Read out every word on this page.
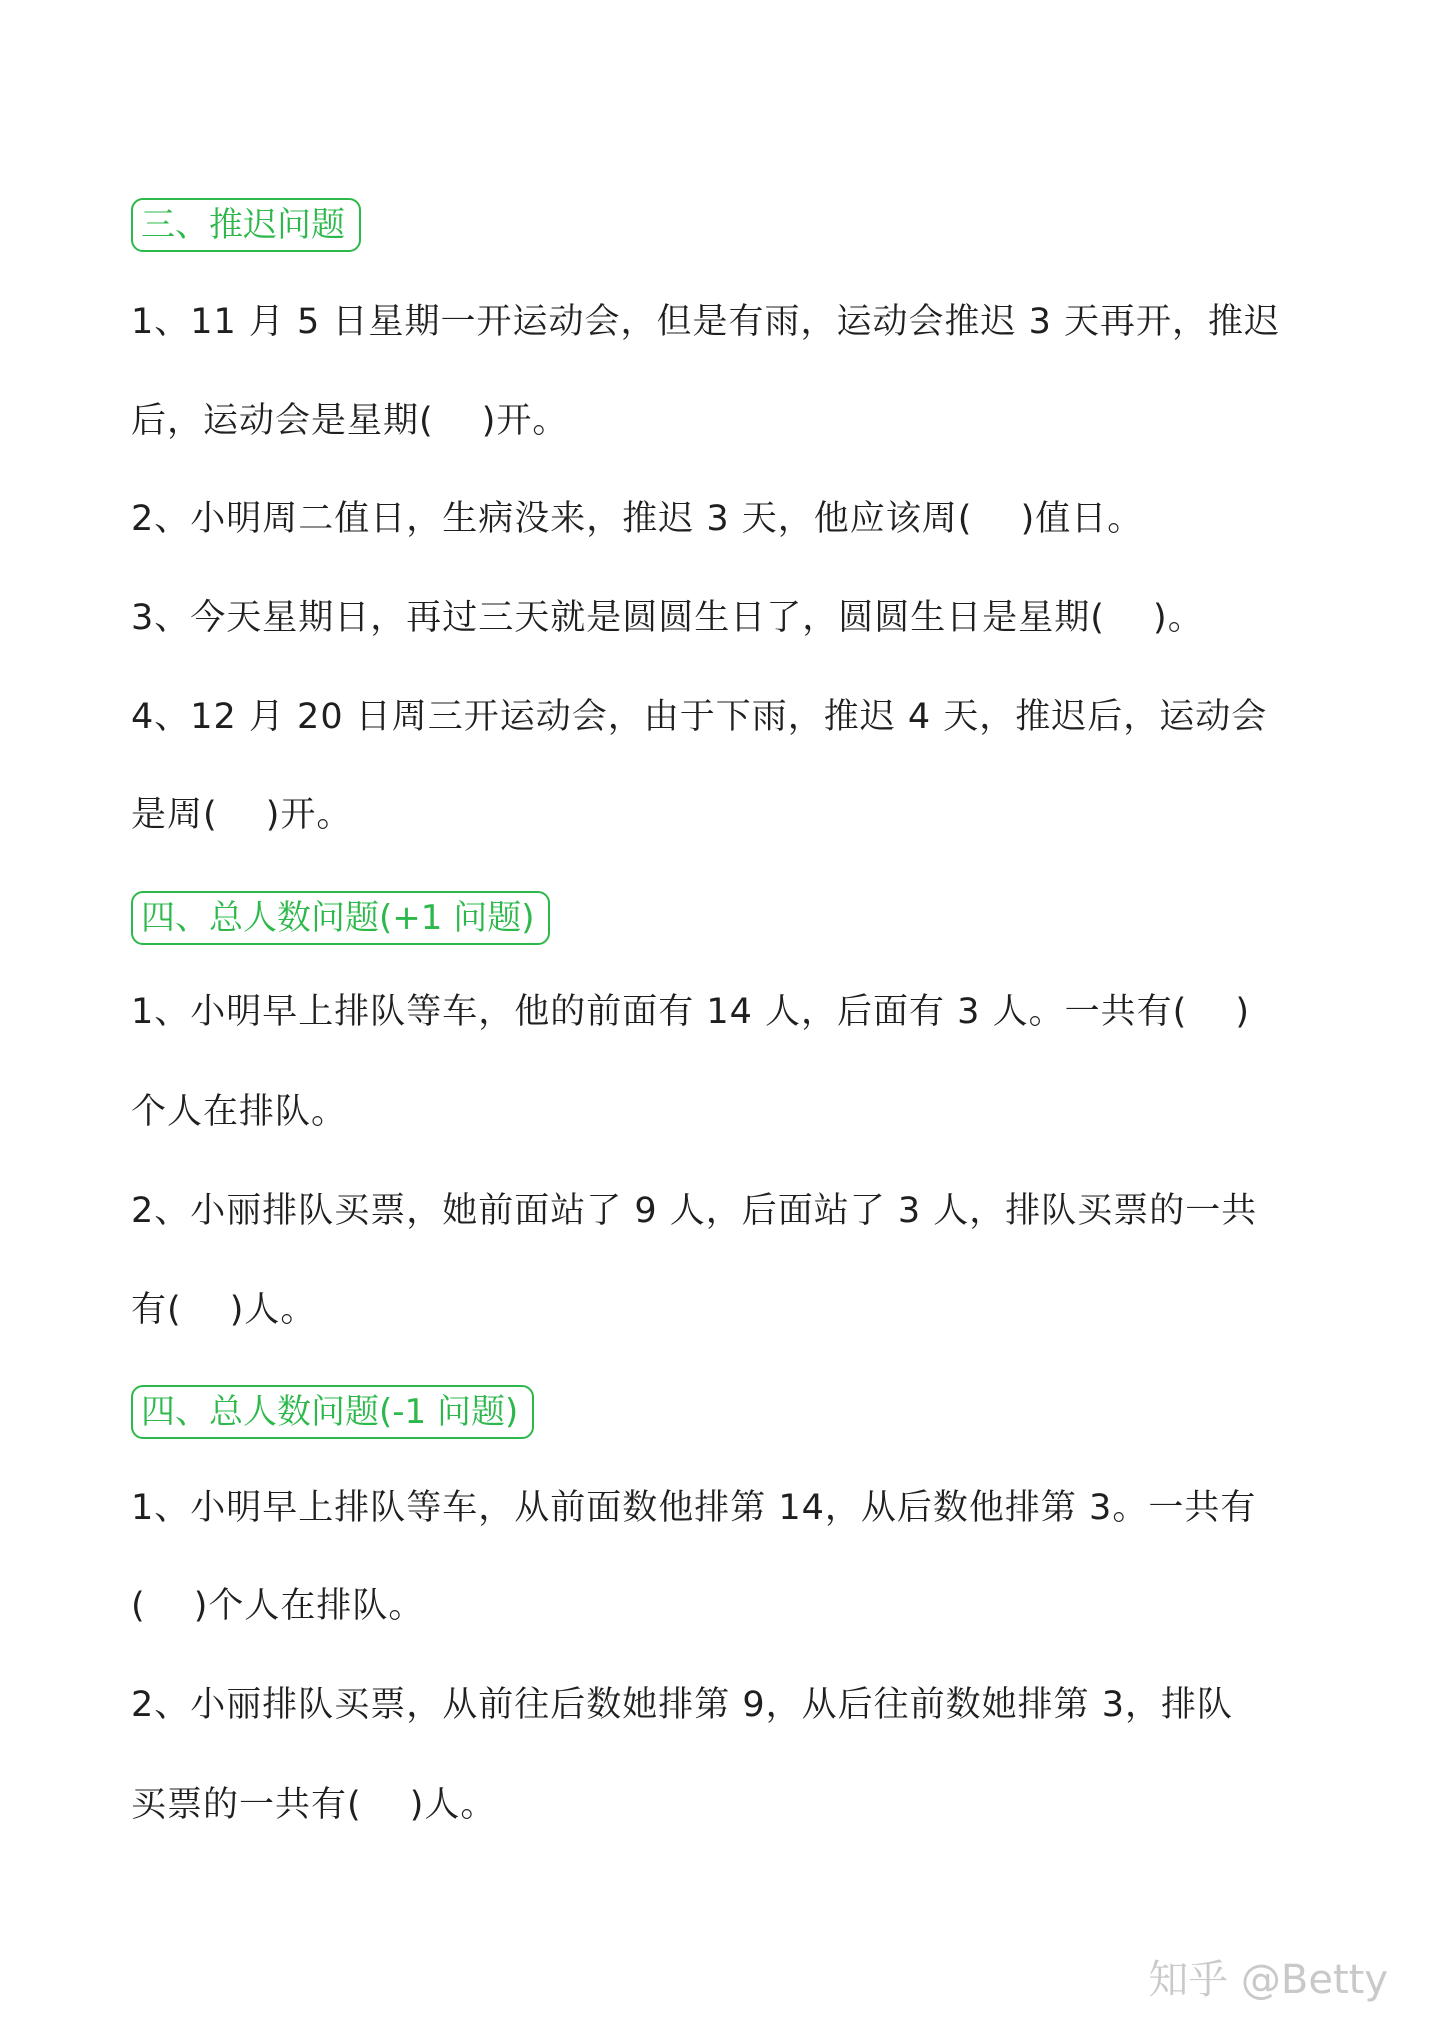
三、推迟问题
1、11 月 5 日星期一开运动会，但是有雨，运动会推迟 3 天再开，推迟
后，运动会是星期(　 )开。
2、小明周二值日，生病没来，推迟 3 天，他应该周(　 )值日。
3、今天星期日，再过三天就是圆圆生日了，圆圆生日是星期(　 )。
4、12 月 20 日周三开运动会，由于下雨，推迟 4 天，推迟后，运动会
是周(　 )开。
四、总人数问题(+1 问题)
1、小明早上排队等车，他的前面有 14 人，后面有 3 人。一共有(　 )
个人在排队。
2、小丽排队买票，她前面站了 9 人，后面站了 3 人，排队买票的一共
有(　 )人。
四、总人数问题(-1 问题)
1、小明早上排队等车，从前面数他排第 14，从后数他排第 3。一共有
(　 )个人在排队。
2、小丽排队买票，从前往后数她排第 9，从后往前数她排第 3，排队
买票的一共有(　 )人。
知乎 @Betty
